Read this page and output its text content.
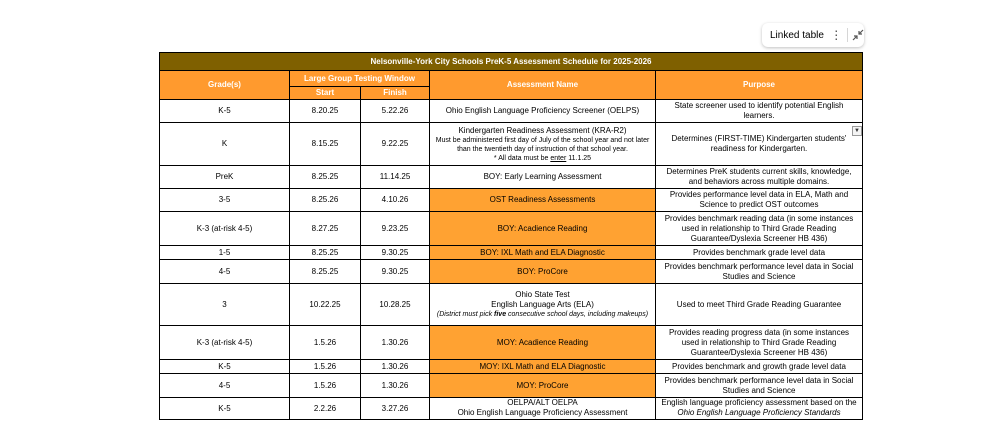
Linked table ⋮
Nelsonville-York City Schools PreK-5 Assessment Schedule for 2025-2026				
Grade(s)	Large Group Testing Window		Assessment Name	Purpose
	Start	Finish		
K-5	8.20.25	5.22.26	Ohio English Language Proficiency Screener (OELPS)	State screener used to identify potential English learners.
K	8.15.25	9.22.25	Kindergarten Readiness Assessment (KRA-R2)
Must be administered first day of July of the school year and not later than the twentieth day of instruction of that school year.
* All data must be enter 11.1.25	Determines (FIRST-TIME) Kindergarten students' readiness for Kindergarten.
PreK	8.25.25	11.14.25	BOY: Early Learning Assessment	Determines PreK students current skills, knowledge, and behaviors across multiple domains.
3-5	8.25.26	4.10.26	OST Readiness Assessments	Provides performance level data in ELA, Math and Science to predict OST outcomes
K-3 (at-risk 4-5)	8.27.25	9.23.25	BOY: Acadience Reading	Provides benchmark reading data (in some instances used in relationship to Third Grade Reading Guarantee/Dyslexia Screener HB 436)
1-5	8.25.25	9.30.25	BOY: IXL Math and ELA Diagnostic	Provides benchmark grade level data
4-5	8.25.25	9.30.25	BOY: ProCore	Provides benchmark performance level data in Social Studies and Science
3	10.22.25	10.28.25	Ohio State Test
English Language Arts (ELA)
(District must pick five consecutive school days, including makeups)	Used to meet Third Grade Reading Guarantee
K-3 (at-risk 4-5)	1.5.26	1.30.26	MOY: Acadience Reading	Provides reading progress data (in some instances used in relationship to Third Grade Reading Guarantee/Dyslexia Screener HB 436)
K-5	1.5.26	1.30.26	MOY: IXL Math and ELA Diagnostic	Provides benchmark and growth grade level data
4-5	1.5.26	1.30.26	MOY: ProCore	Provides benchmark performance level data in Social Studies and Science
K-5	2.2.26	3.27.26	OELPA/ALT OELPA
Ohio English Language Proficiency Assessment	English language proficiency assessment based on the Ohio English Language Proficiency Standards
▼
